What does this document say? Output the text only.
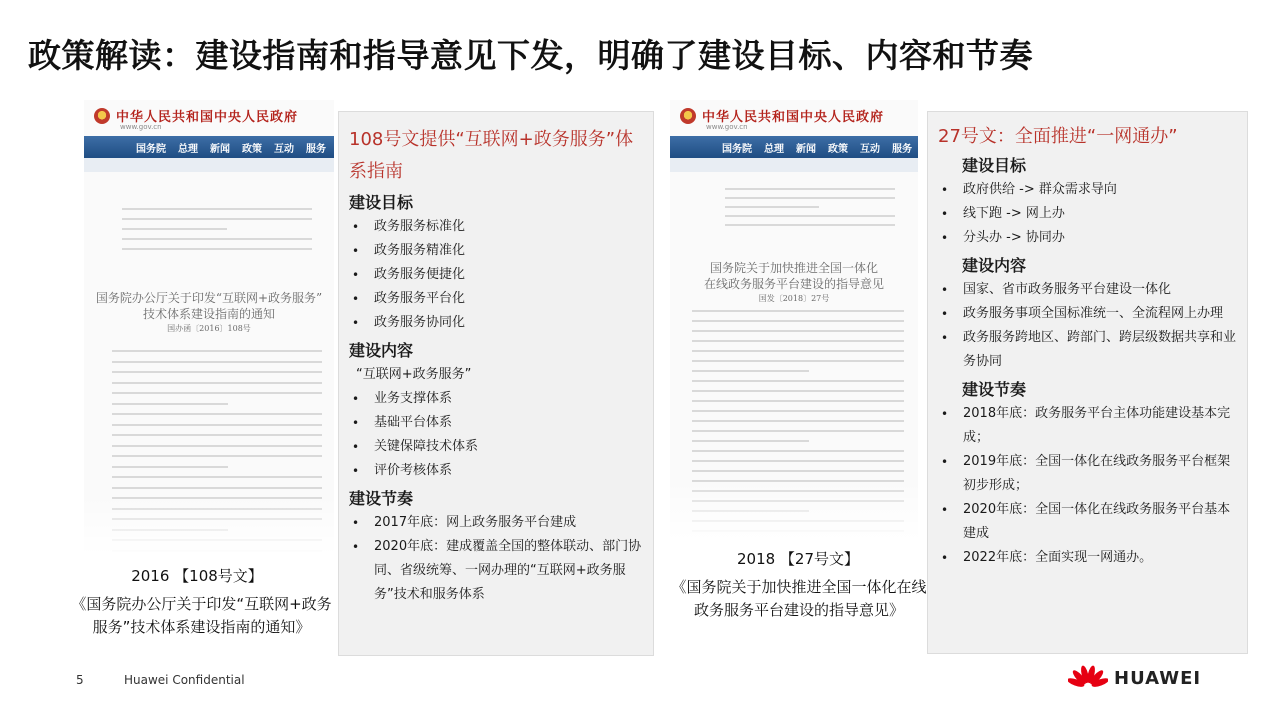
政策解读：建设指南和指导意见下发，明确了建设目标、内容和节奏
中华人民共和国中央人民政府
www.gov.cn
国务院 总理 新闻 政策 互动 服务
国务院办公厅关于印发“互联网+政务服务”
技术体系建设指南的通知
国办函〔2016〕108号
2016 【108号文】
《国务院办公厅关于印发“互联网+政务服务”技术体系建设指南的通知》
108号文提供“互联网+政务服务”体系指南
建设目标
• 政务服务标准化
• 政务服务精准化
• 政务服务便捷化
• 政务服务平台化
• 政务服务协同化
建设内容
“互联网+政务服务”
• 业务支撑体系
• 基础平台体系
• 关键保障技术体系
• 评价考核体系
建设节奏
• 2017年底：网上政务服务平台建成
• 2020年底：建成覆盖全国的整体联动、部门协同、省级统筹、一网办理的“互联网+政务服务”技术和服务体系
中华人民共和国中央人民政府
www.gov.cn
国务院 总理 新闻 政策 互动 服务
国务院关于加快推进全国一体化
在线政务服务平台建设的指导意见
国发〔2018〕27号
2018 【27号文】
《国务院关于加快推进全国一体化在线政务服务平台建设的指导意见》
27号文：全面推进“一网通办”
建设目标
• 政府供给 -> 群众需求导向
• 线下跑 -> 网上办
• 分头办 -> 协同办
建设内容
• 国家、省市政务服务平台建设一体化
• 政务服务事项全国标准统一、全流程网上办理
• 政务服务跨地区、跨部门、跨层级数据共享和业务协同
建设节奏
• 2018年底：政务服务平台主体功能建设基本完成；
• 2019年底：全国一体化在线政务服务平台框架初步形成；
• 2020年底：全国一体化在线政务服务平台基本建成
• 2022年底：全面实现一网通办。
5	Huawei Confidential	HUAWEI
